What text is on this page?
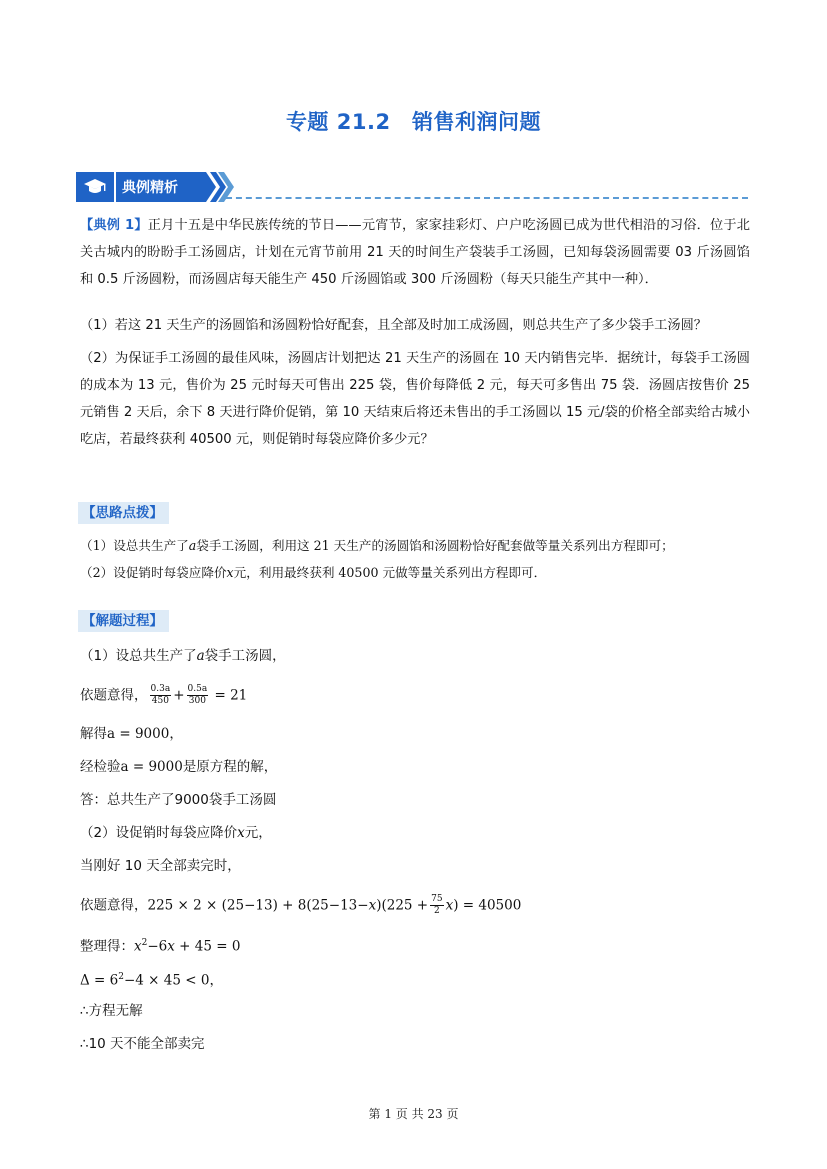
专题 21.2　销售利润问题
典例精析
【典例 1】正月十五是中华民族传统的节日——元宵节，家家挂彩灯、户户吃汤圆已成为世代相沿的习俗．位于北关古城内的盼盼手工汤圆店，计划在元宵节前用 21 天的时间生产袋装手工汤圆，已知每袋汤圆需要 03 斤汤圆馅和 0.5 斤汤圆粉，而汤圆店每天能生产 450 斤汤圆馅或 300 斤汤圆粉（每天只能生产其中一种）．
（1）若这 21 天生产的汤圆馅和汤圆粉恰好配套，且全部及时加工成汤圆，则总共生产了多少袋手工汤圆？
（2）为保证手工汤圆的最佳风味，汤圆店计划把达 21 天生产的汤圆在 10 天内销售完毕．据统计，每袋手工汤圆的成本为 13 元，售价为 25 元时每天可售出 225 袋，售价每降低 2 元，每天可多售出 75 袋．汤圆店按售价 25 元销售 2 天后，余下 8 天进行降价促销，第 10 天结束后将还未售出的手工汤圆以 15 元/袋的价格全部卖给古城小吃店，若最终获利 40500 元，则促销时每袋应降价多少元？
【思路点拨】
（1）设总共生产了a袋手工汤圆，利用这 21 天生产的汤圆馅和汤圆粉恰好配套做等量关系列出方程即可；
（2）设促销时每袋应降价x元，利用最终获利 40500 元做等量关系列出方程即可．
【解题过程】
（1）设总共生产了a袋手工汤圆，
依题意得， $\frac{0.3a}{450} + \frac{0.5a}{300} = 21$
解得a = 9000，
经检验a = 9000是原方程的解，
答：总共生产了9000袋手工汤圆
（2）设促销时每袋应降价x元，
当刚好 10 天全部卖完时，
依题意得，$225 \times 2 \times (25-13) + 8(25-13-x)(225 + \frac{75}{2} x) = 40500$
整理得：$x^2-6x + 45 = 0$
$\Delta = 6^2-4 \times 45 < 0$，
∴方程无解
∴10 天不能全部卖完
第 1 页 共 23 页
